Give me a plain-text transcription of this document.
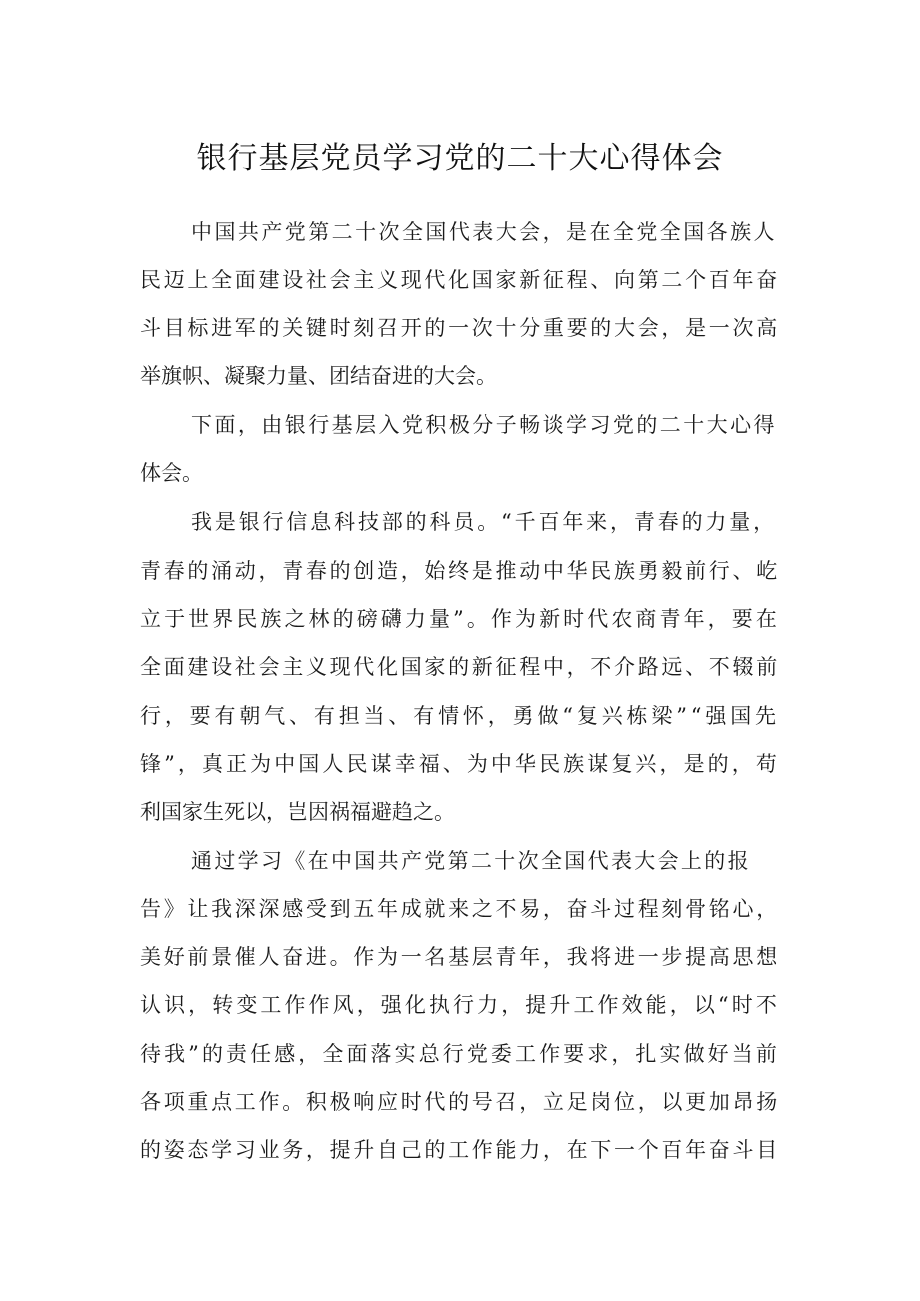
银行基层党员学习党的二十大心得体会

中国共产党第二十次全国代表大会，是在全党全国各族人

民迈上全面建设社会主义现代化国家新征程、向第二个百年奋

斗目标进军的关键时刻召开的一次十分重要的大会，是一次高

举旗帜、凝聚力量、团结奋进的大会。

下面，由银行基层入党积极分子畅谈学习党的二十大心得

体会。

我是银行信息科技部的科员。“千百年来，青春的力量，

青春的涌动，青春的创造，始终是推动中华民族勇毅前行、屹

立于世界民族之林的磅礴力量”。作为新时代农商青年，要在

全面建设社会主义现代化国家的新征程中，不介路远、不辍前

行，要有朝气、有担当、有情怀，勇做“复兴栋梁”“强国先

锋”，真正为中国人民谋幸福、为中华民族谋复兴，是的，苟

利国家生死以，岂因祸福避趋之。

通过学习《在中国共产党第二十次全国代表大会上的报

告》让我深深感受到五年成就来之不易，奋斗过程刻骨铭心，

美好前景催人奋进。作为一名基层青年，我将进一步提高思想

认识，转变工作作风，强化执行力，提升工作效能，以“时不

待我”的责任感，全面落实总行党委工作要求，扎实做好当前

各项重点工作。积极响应时代的号召，立足岗位，以更加昂扬

的姿态学习业务，提升自己的工作能力，在下一个百年奋斗目
